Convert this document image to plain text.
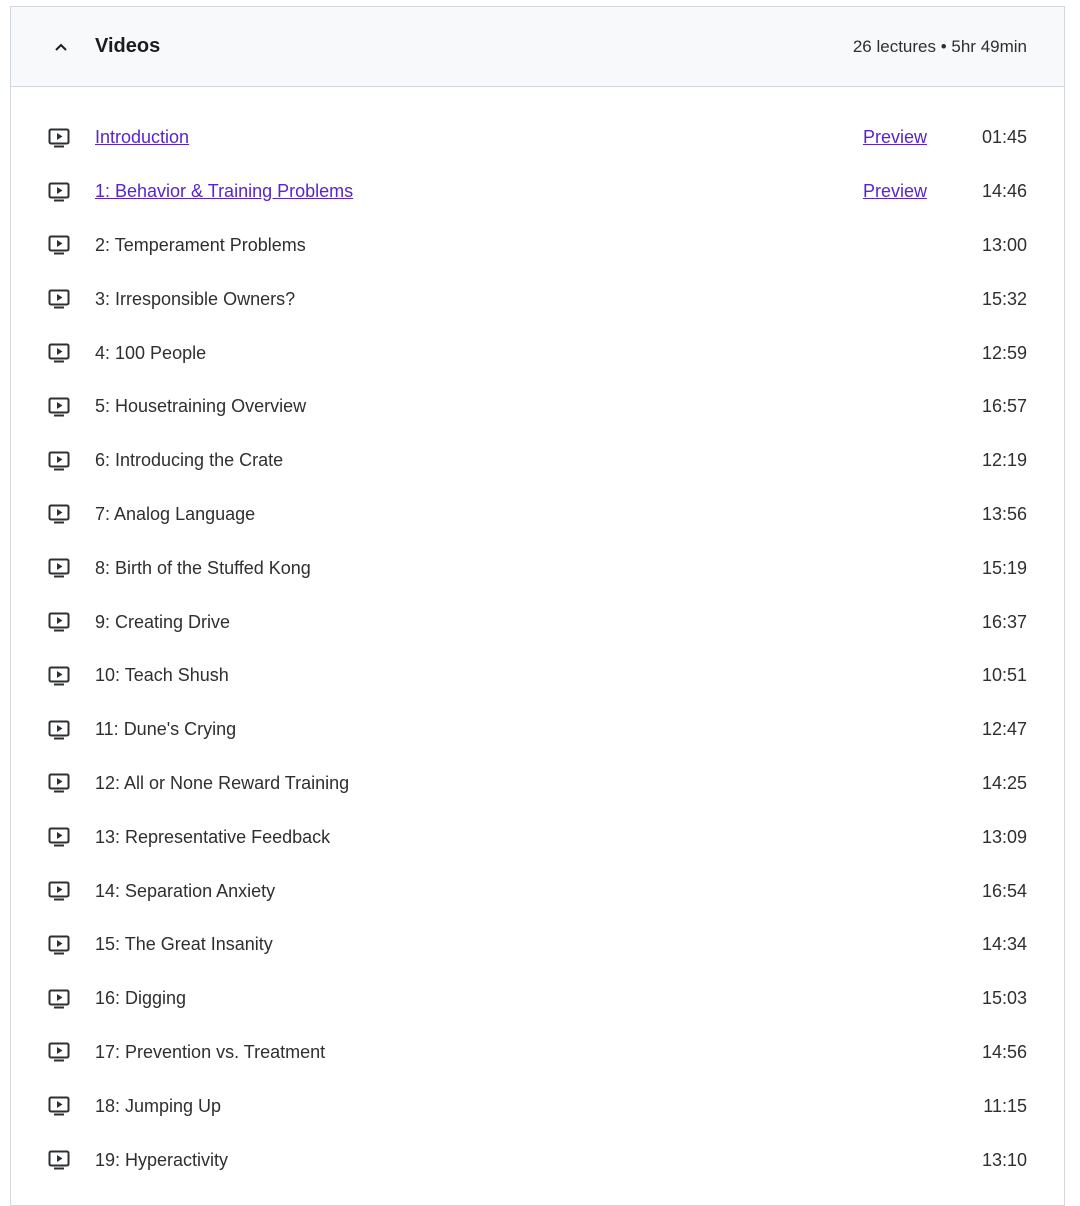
Videos	26 lectures • 5hr 49min
Introduction	Preview	01:45
1: Behavior & Training Problems	Preview	14:46
2: Temperament Problems	13:00
3: Irresponsible Owners?	15:32
4: 100 People	12:59
5: Housetraining Overview	16:57
6: Introducing the Crate	12:19
7: Analog Language	13:56
8: Birth of the Stuffed Kong	15:19
9: Creating Drive	16:37
10: Teach Shush	10:51
11: Dune's Crying	12:47
12: All or None Reward Training	14:25
13: Representative Feedback	13:09
14: Separation Anxiety	16:54
15: The Great Insanity	14:34
16: Digging	15:03
17: Prevention vs. Treatment	14:56
18: Jumping Up	11:15
19: Hyperactivity	13:10
